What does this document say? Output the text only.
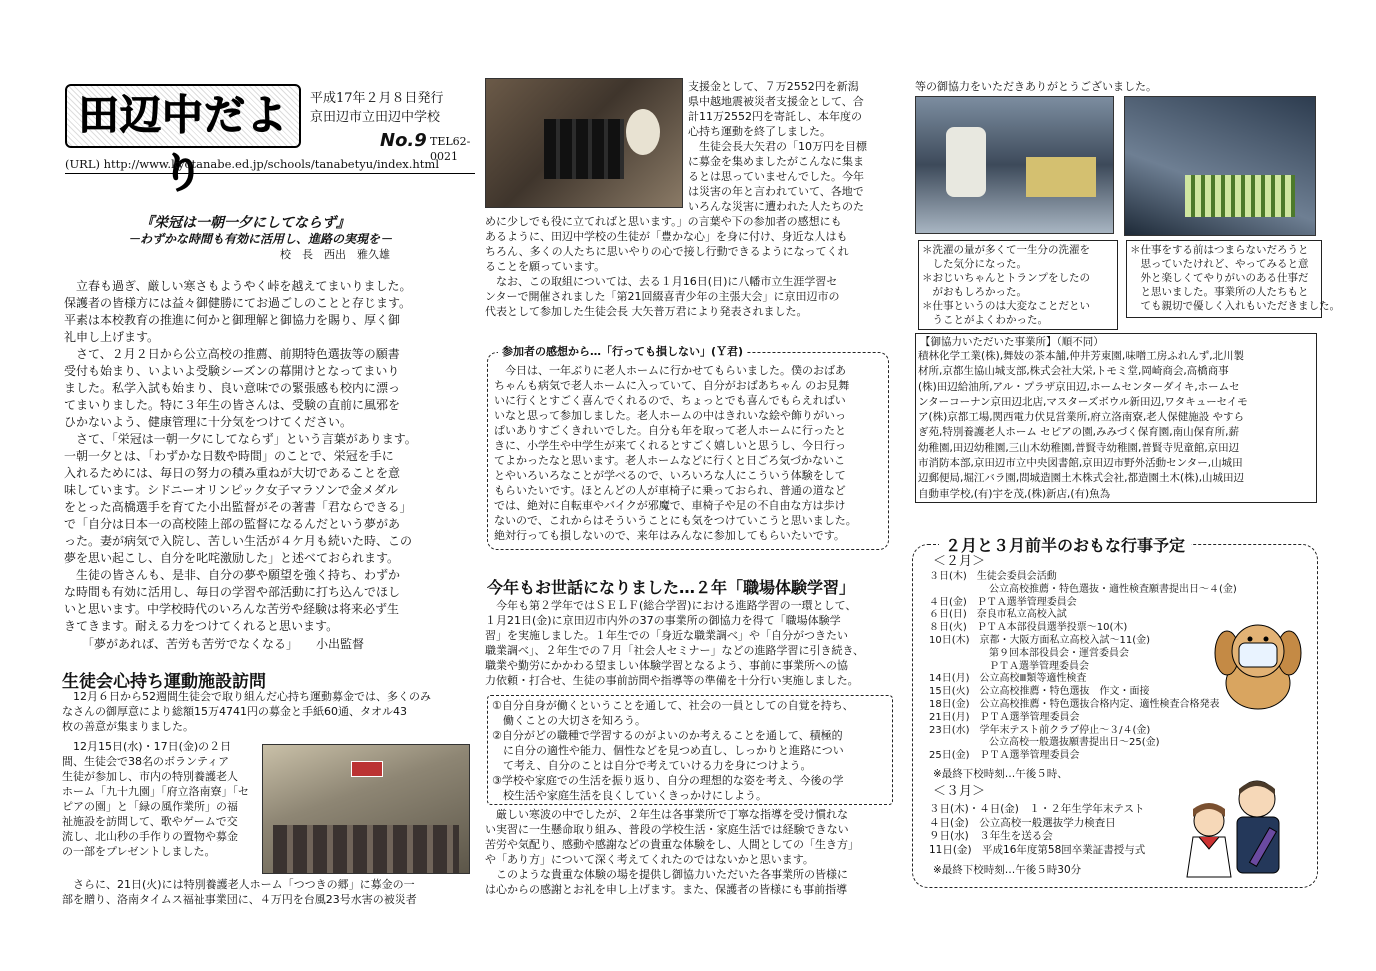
田辺中だより
平成17年２月８日発行
京田辺市立田辺中学校
No.9 TEL62-0021
(URL) http://www.kyotanabe.ed.jp/schools/tanabetyu/index.html
『栄冠は一朝一夕にしてならず』
－わずかな時間も有効に活用し、進路の実現を－
校　長　西出　雅久雄
　立春も過ぎ、厳しい寒さもようやく峠を越えてまいりました。
保護者の皆様方には益々御健勝にてお過ごしのことと存じます。
平素は本校教育の推進に何かと御理解と御協力を賜り、厚く御
礼申し上げます。
　さて、２月２日から公立高校の推薦、前期特色選抜等の願書
受付も始まり、いよいよ受験シーズンの幕開けとなってまいり
ました。私学入試も始まり、良い意味での緊張感も校内に漂っ
てまいりました。特に３年生の皆さんは、受験の直前に風邪を
ひかないよう、健康管理に十分気をつけてください。
　さて、「栄冠は一朝一夕にしてならず」という言葉があります。
一朝一夕とは、「わずかな日数や時間」のことで、栄冠を手に
入れるためには、毎日の努力の積み重ねが大切であることを意
味しています。シドニーオリンピック女子マラソンで金メダル
をとった高橋選手を育てた小出監督がその著書「君ならできる」
で「自分は日本一の高校陸上部の監督になるんだという夢があ
った。妻が病気で入院し、苦しい生活が４ケ月も続いた時、この
夢を思い起こし、自分を叱咤激励した」と述べておられます。
　生徒の皆さんも、是非、自分の夢や願望を強く持ち、わずか
な時間も有効に活用し、毎日の学習や部活動に打ち込んでほし
いと思います。中学校時代のいろんな苦労や経験は将来必ず生
きてきます。耐える力をつけてくれると思います。
　　「夢があれば、苦労も苦労でなくなる」　　 小出監督
生徒会心持ち運動施設訪問
　12月６日から52週間生徒会で取り組んだ心持ち運動募金では、多くのみ
なさんの御厚意により総額15万4741円の募金と手紙60通、タオル43
枚の善意が集まりました。
　12月15日(水)・17日(金)の２日
間、生徒会で38名のボランティア
生徒が参加し、市内の特別養護老人
ホーム「九十九園」「府立洛南寮」「セ
ピアの園」と「緑の風作業所」の福
祉施設を訪問して、歌やゲームで交
流し、北山秒の手作りの置物や募金
の一部をプレゼントしました。
　さらに、21日(火)には特別養護老人ホーム「つつきの郷」に募金の一
部を贈り、洛南タイムス福祉事業団に、４万円を台風23号水害の被災者
支援金として、７万2552円を新潟
県中越地震被災者支援金として、合
計11万2552円を寄託し、本年度の
心持ち運動を終了しました。
　生徒会長大矢君の「10万円を目標
に募金を集めましたがこんなに集ま
るとは思っていませんでした。今年
は災害の年と言われていて、各地で
いろんな災害に遭われた人たちのた
めに少しでも役に立てればと思います。」の言葉や下の参加者の感想にも
あるように、田辺中学校の生徒が「豊かな心」を身に付け、身近な人はも
ちろん、多くの人たちに思いやりの心で接し行動できるようになってくれ
ることを願っています。
　なお、この取組については、去る１月16日(日)に八幡市立生涯学習セ
ンターで開催されました「第21回綴喜青少年の主張大会」に京田辺市の
代表として参加した生徒会長 大矢普万君により発表されました。
参加者の感想から…「行っても損しない」(Ｙ君)
　今日は、一年ぶりに老人ホームに行かせてもらいました。僕のおばあ
ちゃんも病気で老人ホームに入っていて、自分がおばあちゃん のお見舞
いに行くとすごく喜んでくれるので、ちょっとでも喜んでもらえればい
いなと思って参加しました。老人ホームの中はきれいな絵や飾りがいっ
ぱいありすごくきれいでした。自分も年を取って老人ホームに行ったと
きに、小学生や中学生が来てくれるとすごく嬉しいと思うし、今日行っ
てよかったなと思います。老人ホームなどに行くと日ごろ気づかないこ
とやいろいろなことが学べるので、いろいろな人にこういう体験をして
もらいたいです。ほとんどの人が車椅子に乗っておられ、普通の道など
では、絶対に自転車やバイクが邪魔で、車椅子や足の不自由な方は歩け
ないので、これからはそういうことにも気をつけていこうと思いました。
絶対行っても損しないので、来年はみんなに参加してもらいたいです。
今年もお世話になりました…２年「職場体験学習」
　今年も第２学年ではＳＥＬＦ(総合学習)における進路学習の一環として、
１月21日(金)に京田辺市内外の37の事業所の御協力を得て「職場体験学
習」を実施しました。１年生での「身近な職業調べ」や「自分がつきたい
職業調べ」、２年生での７月「社会人セミナー」などの進路学習に引き続き、
職業や勤労にかかわる望ましい体験学習となるよう、事前に事業所への協
力依頼・打合せ、生徒の事前訪問や指導等の準備を十分行い実施しました。
①自分自身が働くということを通して、社会の一員としての自覚を持ち、
　働くことの大切さを知ろう。
②自分がどの職種で学習するのがよいのか考えることを通して、積極的
　に自分の適性や能力、個性などを見つめ直し、しっかりと進路につい
　て考え、自分のことは自分で考えていける力を身につけよう。
③学校や家庭での生活を振り返り、自分の理想的な姿を考え、今後の学
　校生活や家庭生活を良くしていくきっかけにしよう。
　厳しい寒波の中でしたが、２年生は各事業所で丁寧な指導を受け慣れな
い実習に一生懸命取り組み、普段の学校生活・家庭生活では経験できない
苦労や気配り、感動や感謝などの貴重な体験をし、人間としての「生き方」
や「あり方」について深く考えてくれたのではないかと思います。
　このような貴重な体験の場を提供し御協力いただいた各事業所の皆様に
は心からの感謝とお礼を申し上げます。また、保護者の皆様にも事前指導
等の御協力をいただきありがとうございました。
＊洗濯の量が多くて一生分の洗濯を
　した気分になった。
＊おじいちゃんとトランプをしたの
　がおもしろかった。
＊仕事というのは大変なことだとい
　うことがよくわかった。
＊仕事をする前はつまらないだろうと
　思っていたけれど、やってみると意
　外と楽しくてやりがいのある仕事だ
　と思いました。事業所の人たちもと
　ても親切で優しく入れもいただきました。
【御協力いただいた事業所】（順不同）
積林化学工業(株),舞妓の茶本舗,仲井芳東園,味噌工房ふれんず,北川製
材所,京都生協山城支部,株式会社大栄,トモミ堂,岡崎商会,高橋商事
(株)田辺給油所,アル・プラザ京田辺,ホームセンターダイキ,ホームセ
ンターコーナン京田辺北店,マスターズボウル新田辺,ワタキューセイモ
ア(株)京都工場,関西電力伏見営業所,府立洛南寮,老人保健施設 やすら
ぎ苑,特別養護老人ホーム セピアの園,みみづく保育園,南山保育所,薪
幼稚園,田辺幼稚園,三山木幼稚園,普賢寺幼稚園,普賢寺児童館,京田辺
市消防本部,京田辺市立中央図書館,京田辺市野外活動センター,山城田
辺郵便局,堀江バラ園,問城造園土木株式会社,都造園土木(株),山城田辺
自動車学校,(有)宇を茂,(株)新店,(有)魚為
２月と３月前半のおもな行事予定
＜２月＞
３日(木)　生徒会委員会活動
　　　　　　公立高校推薦・特色選抜・適性検査願書提出日～４(金)
４日(金)　ＰＴＡ選挙管理委員会
６日(日)　奈良市私立高校入試
８日(火)　ＰＴＡ本部役員選挙投票～10(木)
10日(木)　京都・大阪方面私立高校入試～11(金)
　　　　　　第９回本部役員会・運営委員会
　　　　　　ＰＴＡ選挙管理委員会
14日(月)　公立高校Ⅲ類等適性検査
15日(火)　公立高校推薦・特色選抜　作文・面接
18日(金)　公立高校推薦・特色選抜合格内定、適性検査合格発表
21日(月)　ＰＴＡ選挙管理委員会
23日(水)　学年末テスト前クラブ停止～３/４(金)
　　　　　　公立高校一般選抜願書提出日～25(金)
25日(金)　ＰＴＡ選挙管理委員会
※最終下校時刻…午後５時、
＜３月＞
３日(木)・４日(金)　１・２年生学年末テスト
４日(金)　公立高校一般選抜学力検査日
９日(水)　３年生を送る会
11日(金)　平成16年度第58回卒業証書授与式
※最終下校時刻…午後５時30分
